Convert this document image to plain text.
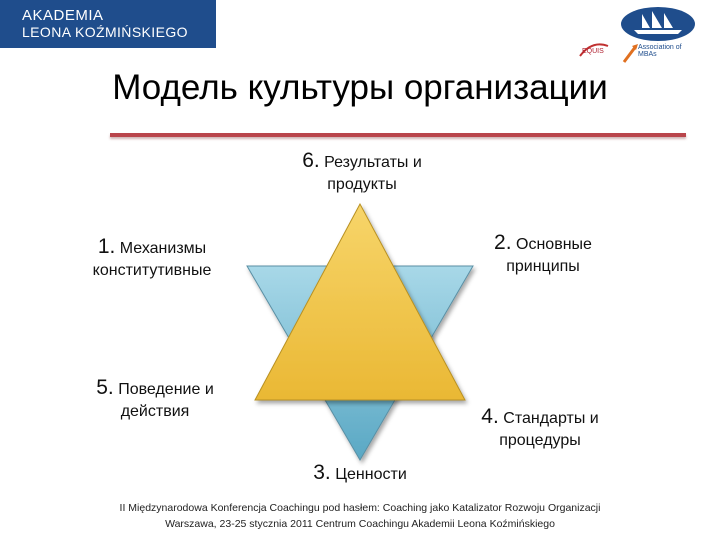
AKADEMIA
LEONA KOŹMIŃSKIEGO
EQUIS
Association of MBAs
Модель культуры организации
6. Результаты и
продукты
1. Механизмы
конститутивные
2. Основные
принципы
5. Поведение и
действия	4. Стандарты и
процедуры
3. Ценности
II Międzynarodowa Konferencja Coachingu pod hasłem: Coaching jako Katalizator Rozwoju Organizacji
Warszawa, 23-25 stycznia 2011 Centrum Coachingu Akademii Leona Koźmińskiego
